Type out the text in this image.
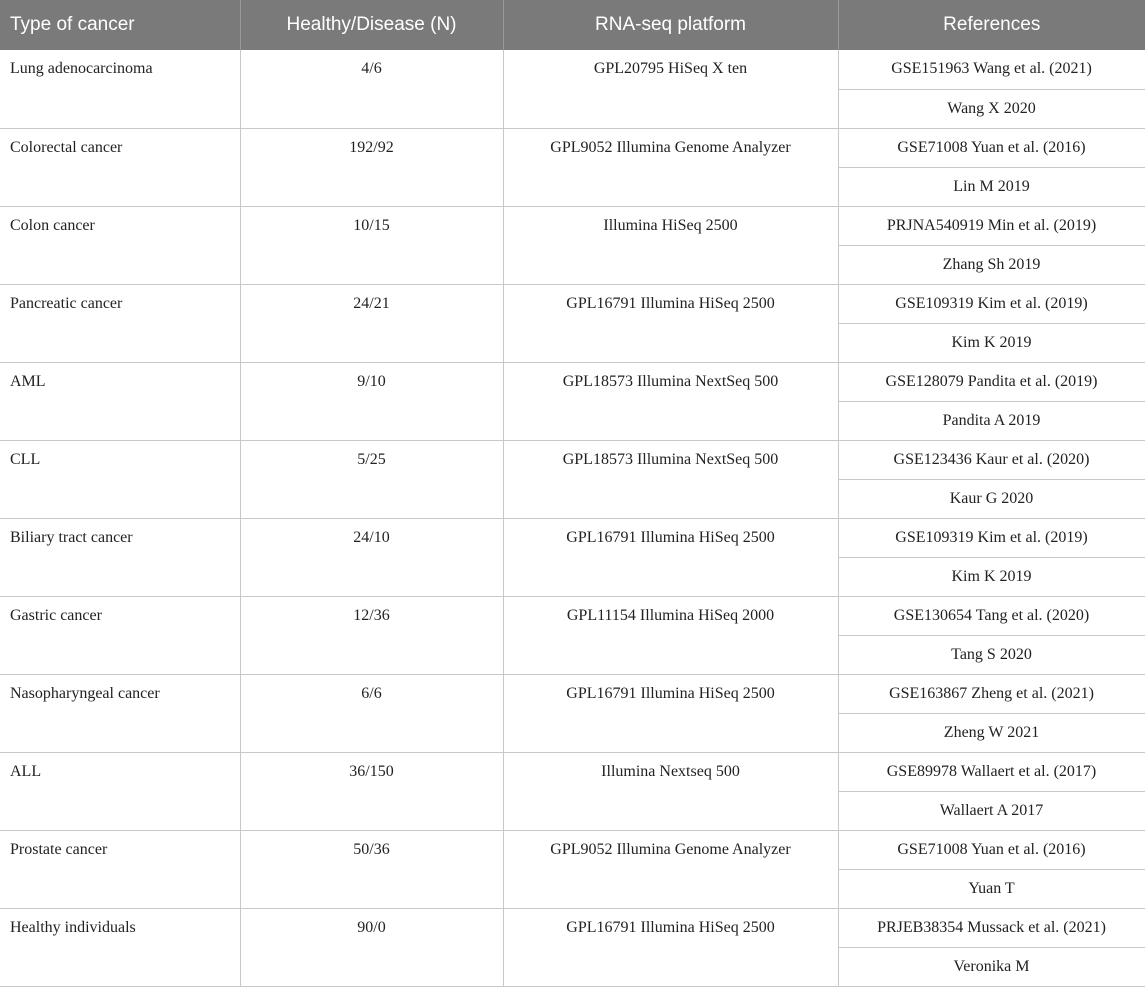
Type of cancer	Healthy/Disease (N)	RNA-seq platform	References
Lung adenocarcinoma	4/6	GPL20795 HiSeq X ten	GSE151963 Wang et al. (2021)
			Wang X 2020
Colorectal cancer	192/92	GPL9052 Illumina Genome Analyzer	GSE71008 Yuan et al. (2016)
			Lin M 2019
Colon cancer	10/15	Illumina HiSeq 2500	PRJNA540919 Min et al. (2019)
			Zhang Sh 2019
Pancreatic cancer	24/21	GPL16791 Illumina HiSeq 2500	GSE109319 Kim et al. (2019)
			Kim K 2019
AML	9/10	GPL18573 Illumina NextSeq 500	GSE128079 Pandita et al. (2019)
			Pandita A 2019
CLL	5/25	GPL18573 Illumina NextSeq 500	GSE123436 Kaur et al. (2020)
			Kaur G 2020
Biliary tract cancer	24/10	GPL16791 Illumina HiSeq 2500	GSE109319 Kim et al. (2019)
			Kim K 2019
Gastric cancer	12/36	GPL11154 Illumina HiSeq 2000	GSE130654 Tang et al. (2020)
			Tang S 2020
Nasopharyngeal cancer	6/6	GPL16791 Illumina HiSeq 2500	GSE163867 Zheng et al. (2021)
			Zheng W 2021
ALL	36/150	Illumina Nextseq 500	GSE89978 Wallaert et al. (2017)
			Wallaert A 2017
Prostate cancer	50/36	GPL9052 Illumina Genome Analyzer	GSE71008 Yuan et al. (2016)
			Yuan T
Healthy individuals	90/0	GPL16791 Illumina HiSeq 2500	PRJEB38354 Mussack et al. (2021)
			Veronika M
